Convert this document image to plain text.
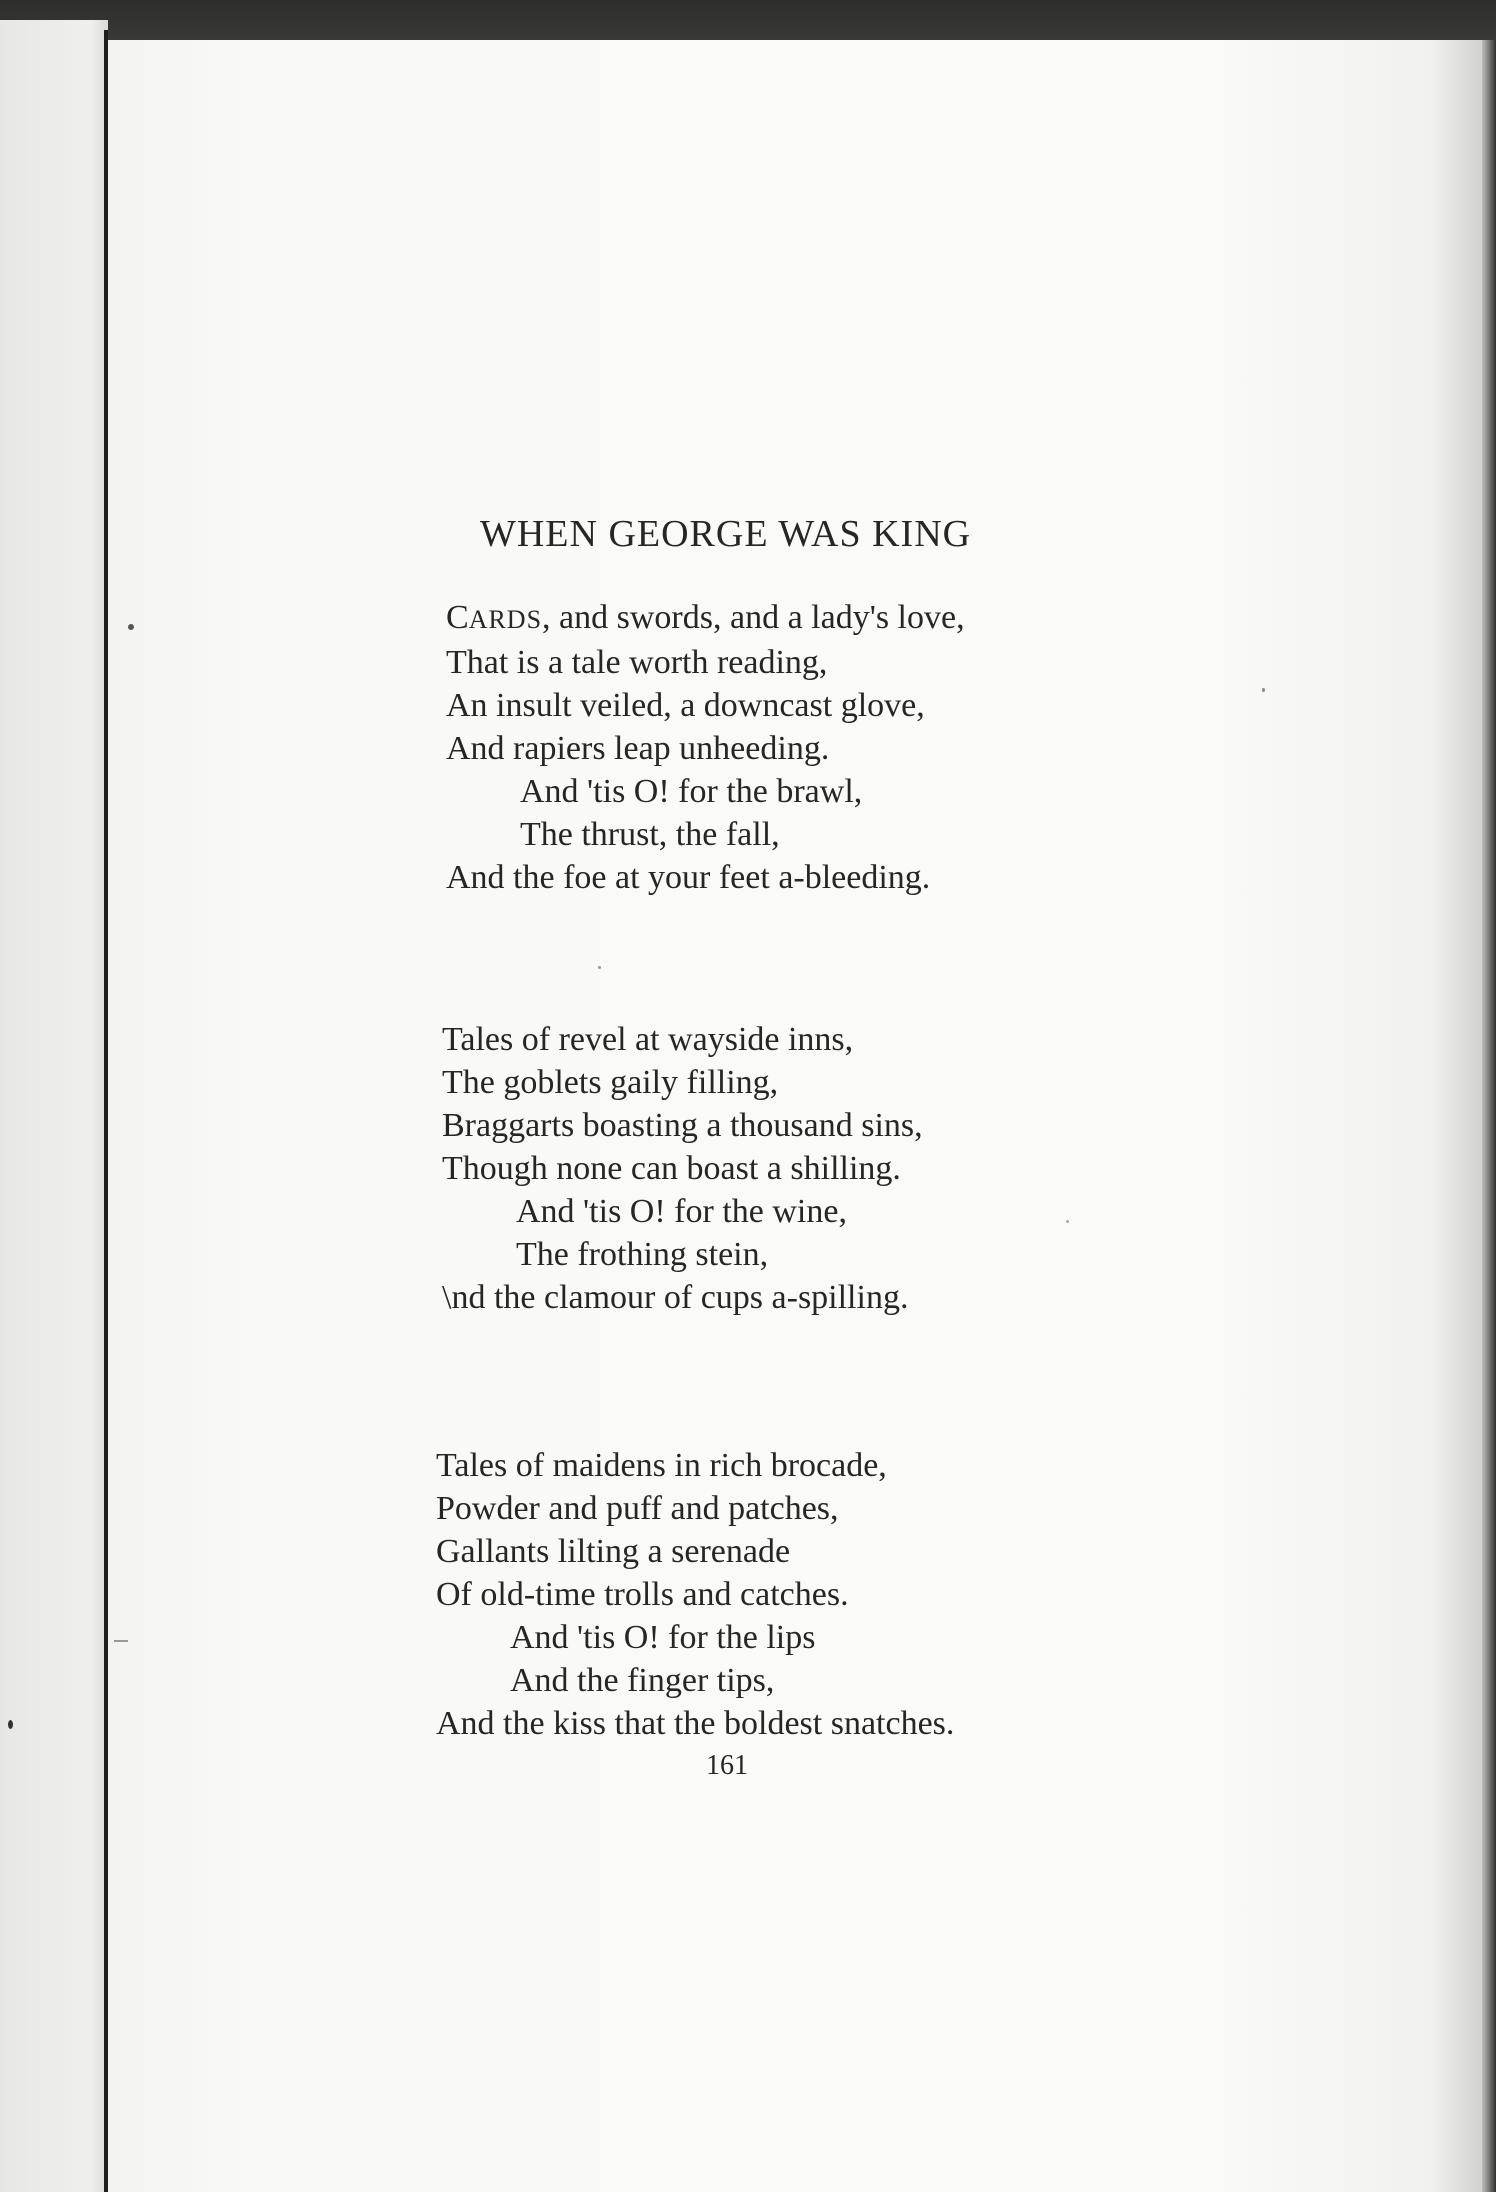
WHEN GEORGE WAS KING
CARDS, and swords, and a lady's love,
That is a tale worth reading,
An insult veiled, a downcast glove,
And rapiers leap unheeding.
And 'tis O! for the brawl,
The thrust, the fall,
And the foe at your feet a-bleeding.
Tales of revel at wayside inns,
The goblets gaily filling,
Braggarts boasting a thousand sins,
Though none can boast a shilling.
And 'tis O! for the wine,
The frothing stein,
\nd the clamour of cups a-spilling.
Tales of maidens in rich brocade,
Powder and puff and patches,
Gallants lilting a serenade
Of old-time trolls and catches.
And 'tis O! for the lips
And the finger tips,
And the kiss that the boldest snatches.
161
